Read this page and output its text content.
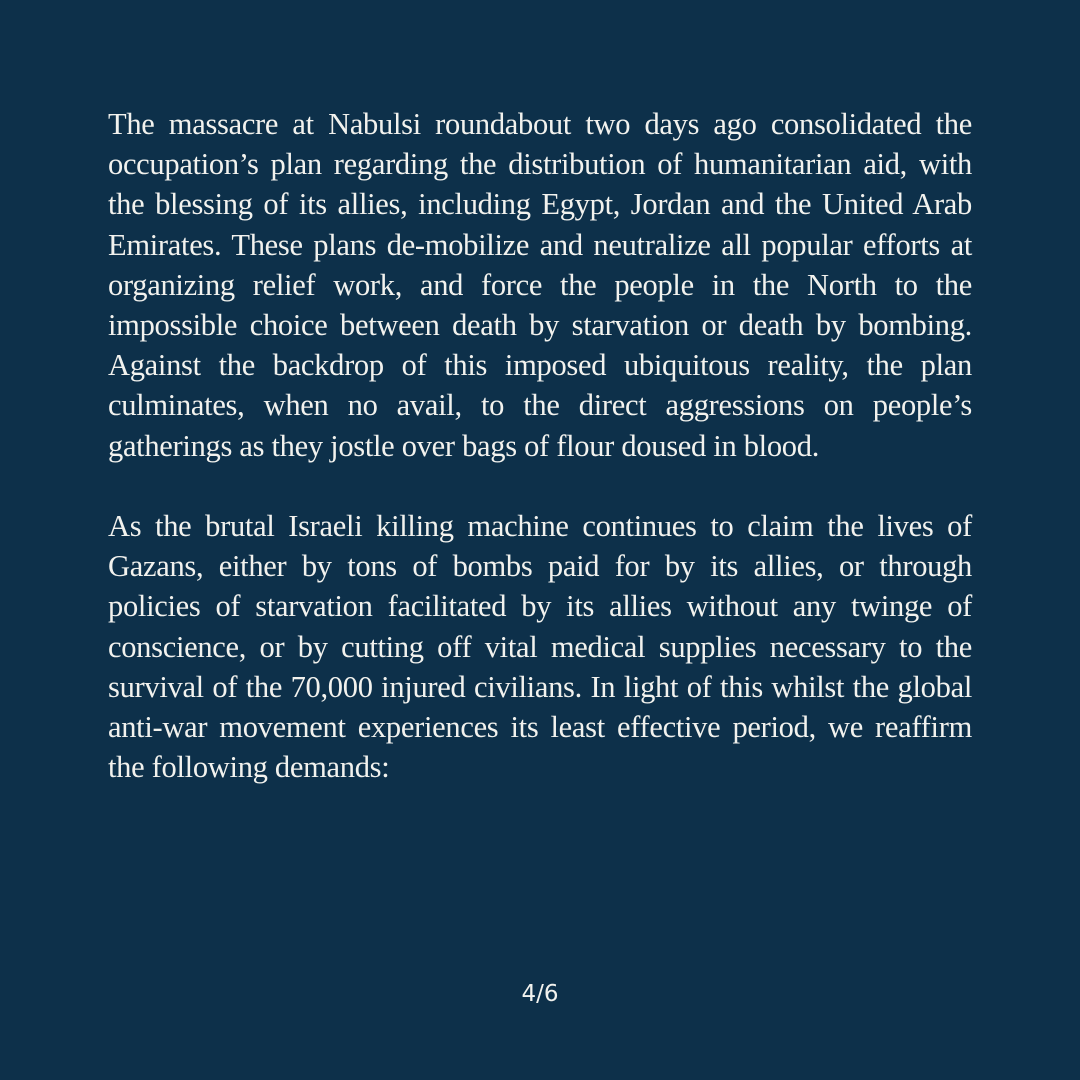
The massacre at Nabulsi roundabout two days ago consolidated the occupation’s plan regarding the distribution of humanitarian aid, with the blessing of its allies, including Egypt, Jordan and the United Arab Emirates. These plans de-mobilize and neutralize all popular efforts at organizing relief work, and force the people in the North to the impossible choice between death by starvation or death by bombing. Against the backdrop of this imposed ubiquitous reality, the plan culminates, when no avail, to the direct aggressions on people’s gatherings as they jostle over bags of flour doused in blood.

As the brutal Israeli killing machine continues to claim the lives of Gazans, either by tons of bombs paid for by its allies, or through policies of starvation facilitated by its allies without any twinge of conscience, or by cutting off vital medical supplies necessary to the survival of the 70,000 injured civilians. In light of this whilst the global anti-war movement experiences its least effective period, we reaffirm the following demands:

4/6
